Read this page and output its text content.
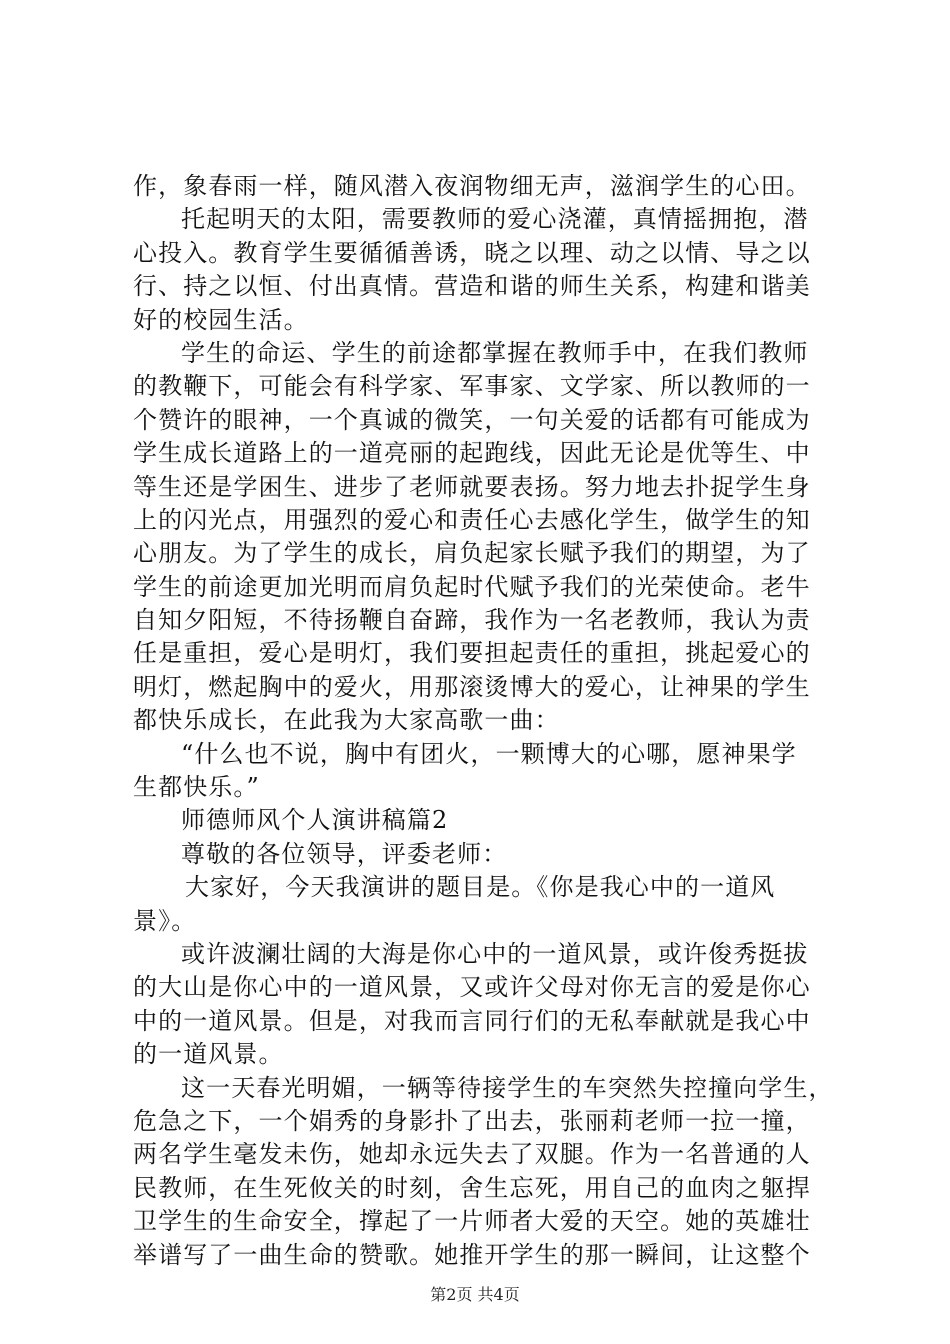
作，象春雨一样，随风潜入夜润物细无声，滋润学生的心田。
托起明天的太阳，需要教师的爱心浇灌，真情摇拥抱，潜
心投入。教育学生要循循善诱，晓之以理、动之以情、导之以
行、持之以恒、付出真情。营造和谐的师生关系，构建和谐美
好的校园生活。
学生的命运、学生的前途都掌握在教师手中，在我们教师
的教鞭下，可能会有科学家、军事家、文学家、所以教师的一
个赞许的眼神，一个真诚的微笑，一句关爱的话都有可能成为
学生成长道路上的一道亮丽的起跑线，因此无论是优等生、中
等生还是学困生、进步了老师就要表扬。努力地去扑捉学生身
上的闪光点，用强烈的爱心和责任心去感化学生，做学生的知
心朋友。为了学生的成长，肩负起家长赋予我们的期望，为了
学生的前途更加光明而肩负起时代赋予我们的光荣使命。老牛
自知夕阳短，不待扬鞭自奋蹄，我作为一名老教师，我认为责
任是重担，爱心是明灯，我们要担起责任的重担，挑起爱心的
明灯，燃起胸中的爱火，用那滚烫博大的爱心，让神果的学生
都快乐成长，在此我为大家高歌一曲：
“什么也不说，胸中有团火，一颗博大的心哪，愿神果学
生都快乐。”
师德师风个人演讲稿篇2
尊敬的各位领导，评委老师：
大家好，今天我演讲的题目是。《你是我心中的一道风
景》。
或许波澜壮阔的大海是你心中的一道风景，或许俊秀挺拔
的大山是你心中的一道风景，又或许父母对你无言的爱是你心
中的一道风景。但是，对我而言同行们的无私奉献就是我心中
的一道风景。
这一天春光明媚，一辆等待接学生的车突然失控撞向学生，
危急之下，一个娟秀的身影扑了出去，张丽莉老师一拉一撞，
两名学生毫发未伤，她却永远失去了双腿。作为一名普通的人
民教师，在生死攸关的时刻，舍生忘死，用自己的血肉之躯捍
卫学生的生命安全，撑起了一片师者大爱的天空。她的英雄壮
举谱写了一曲生命的赞歌。她推开学生的那一瞬间，让这整个
第2页 共4页
